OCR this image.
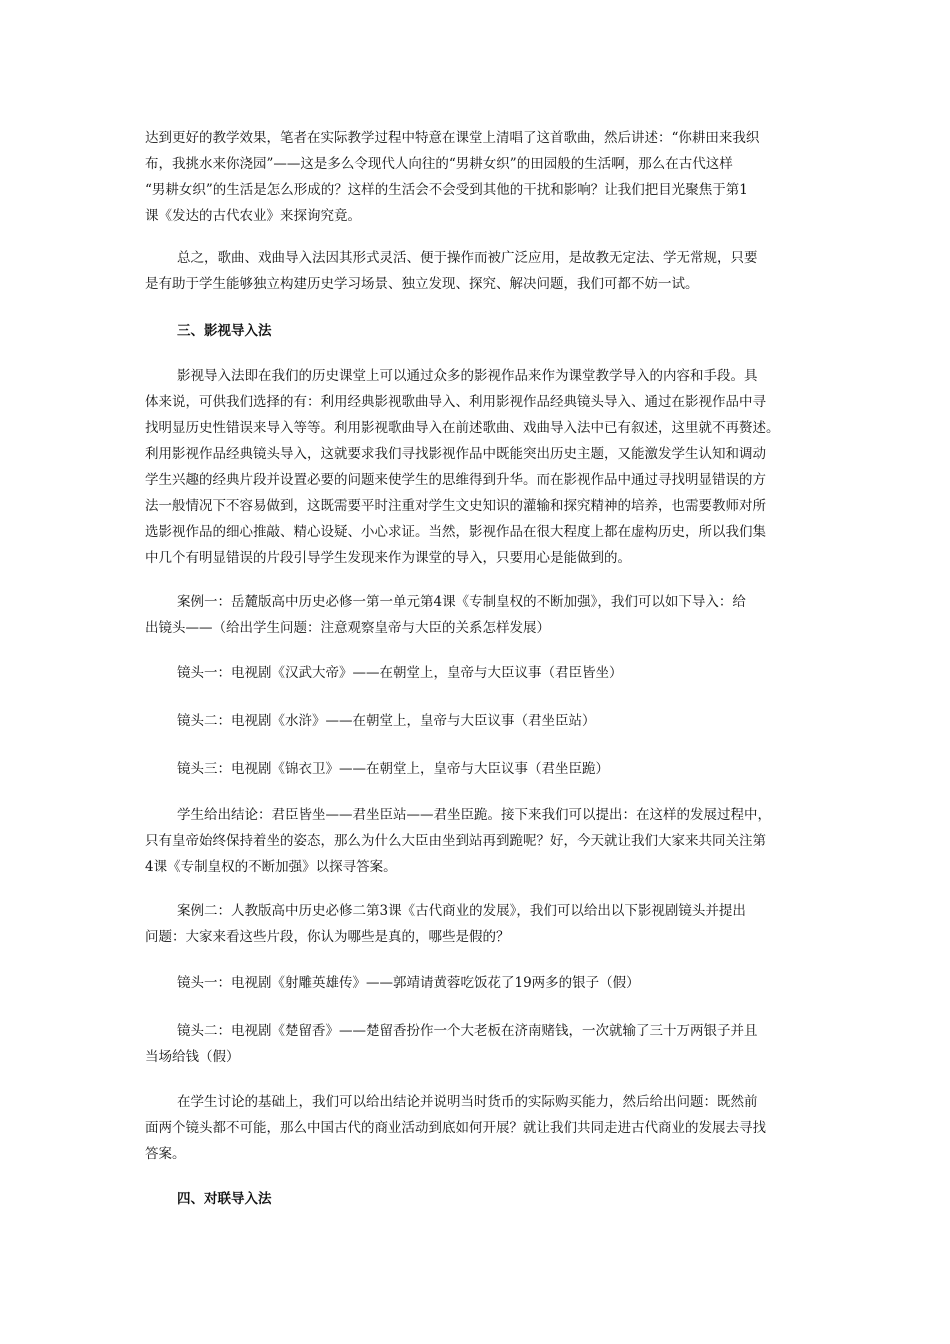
达到更好的教学效果，笔者在实际教学过程中特意在课堂上清唱了这首歌曲，然后讲述：“你耕田来我织
布，我挑水来你浇园”——这是多么令现代人向往的“男耕女织”的田园般的生活啊，那么在古代这样
“男耕女织”的生活是怎么形成的？这样的生活会不会受到其他的干扰和影响？让我们把目光聚焦于第1
课《发达的古代农业》来探询究竟。
总之，歌曲、戏曲导入法因其形式灵活、便于操作而被广泛应用，是故教无定法、学无常规，只要
是有助于学生能够独立构建历史学习场景、独立发现、探究、解决问题，我们可都不妨一试。
三、影视导入法
影视导入法即在我们的历史课堂上可以通过众多的影视作品来作为课堂教学导入的内容和手段。具
体来说，可供我们选择的有：利用经典影视歌曲导入、利用影视作品经典镜头导入、通过在影视作品中寻
找明显历史性错误来导入等等。利用影视歌曲导入在前述歌曲、戏曲导入法中已有叙述，这里就不再赘述。
利用影视作品经典镜头导入，这就要求我们寻找影视作品中既能突出历史主题，又能激发学生认知和调动
学生兴趣的经典片段并设置必要的问题来使学生的思维得到升华。而在影视作品中通过寻找明显错误的方
法一般情况下不容易做到，这既需要平时注重对学生文史知识的灌输和探究精神的培养，也需要教师对所
选影视作品的细心推敲、精心设疑、小心求证。当然，影视作品在很大程度上都在虚构历史，所以我们集
中几个有明显错误的片段引导学生发现来作为课堂的导入，只要用心是能做到的。
案例一：岳麓版高中历史必修一第一单元第4课《专制皇权的不断加强》，我们可以如下导入：给
出镜头——（给出学生问题：注意观察皇帝与大臣的关系怎样发展）
镜头一：电视剧《汉武大帝》——在朝堂上，皇帝与大臣议事（君臣皆坐）
镜头二：电视剧《水浒》——在朝堂上，皇帝与大臣议事（君坐臣站）
镜头三：电视剧《锦衣卫》——在朝堂上，皇帝与大臣议事（君坐臣跪）
学生给出结论：君臣皆坐——君坐臣站——君坐臣跪。接下来我们可以提出：在这样的发展过程中，
只有皇帝始终保持着坐的姿态，那么为什么大臣由坐到站再到跪呢？好，今天就让我们大家来共同关注第
4课《专制皇权的不断加强》以探寻答案。
案例二：人教版高中历史必修二第3课《古代商业的发展》，我们可以给出以下影视剧镜头并提出
问题：大家来看这些片段，你认为哪些是真的，哪些是假的？
镜头一：电视剧《射雕英雄传》——郭靖请黄蓉吃饭花了19两多的银子（假）
镜头二：电视剧《楚留香》——楚留香扮作一个大老板在济南赌钱，一次就输了三十万两银子并且
当场给钱（假）
在学生讨论的基础上，我们可以给出结论并说明当时货币的实际购买能力，然后给出问题：既然前
面两个镜头都不可能，那么中国古代的商业活动到底如何开展？就让我们共同走进古代商业的发展去寻找
答案。
四、对联导入法
